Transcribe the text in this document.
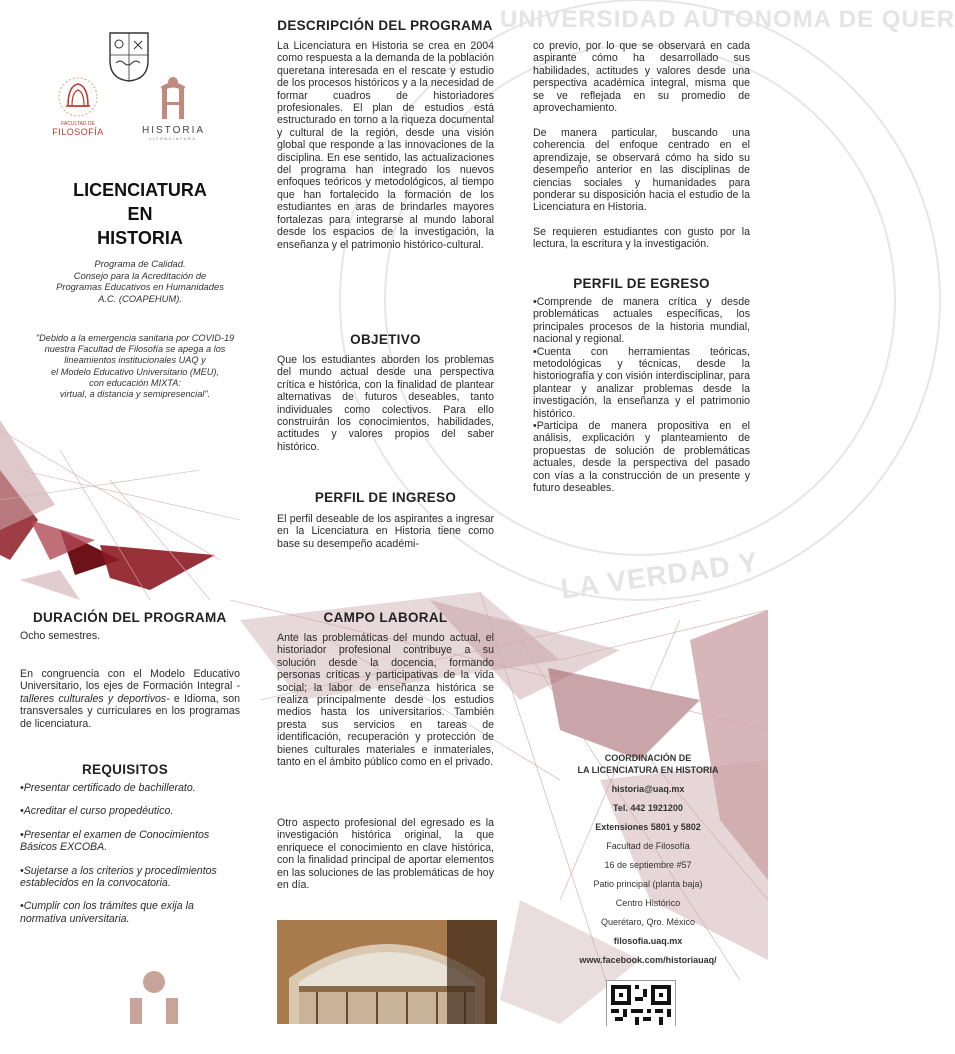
UNIVERSIDAD AUTONOMA DE QUER
LA VERDAD Y
FACULTAD DE
FILOSOFÍA	HISTORIA
LICENCIATURA
LICENCIATURA
EN
HISTORIA
Programa de Calidad.
Consejo para la Acreditación de
Programas Educativos en Humanidades
A.C. (COAPEHUM).
"Debido a la emergencia sanitaria por COVID-19
nuestra Facultad de Filosofía se apega a los
lineamientos institucionales UAQ y
el Modelo Educativo Universitario (MEU),
con educación MIXTA:
virtual, a distancia y semipresencial".
DESCRIPCIÓN DEL PROGRAMA
La Licenciatura en Historia se crea en 2004 como respuesta a la demanda de la población queretana interesada en el rescate y estudio de los procesos históricos y a la necesidad de formar cuadros de historiadores profesionales. El plan de estudios está estructurado en torno a la riqueza documental y cultural de la región, desde una visión global que responde a las innovaciones de la disciplina. En ese sentido, las actualizaciones del programa han integrado los nuevos enfoques teóricos y metodológicos, al tiempo que han fortalecido la formación de los estudiantes en aras de brindarles mayores fortalezas para integrarse al mundo laboral desde los espacios de la investigación, la enseñanza y el patrimonio histórico-cultural.
OBJETIVO
Que los estudiantes aborden los problemas del mundo actual desde una perspectiva crítica e histórica, con la finalidad de plantear alternativas de futuros deseables, tanto individuales como colectivos. Para ello construirán los conocimientos, habilidades, actitudes y valores propios del saber histórico.
PERFIL DE INGRESO
El perfil deseable de los aspirantes a ingresar en la Licenciatura en Historia tiene como base su desempeño académi-
co previo, por lo que se observará en cada aspirante cómo ha desarrollado sus habilidades, actitudes y valores desde una perspectiva académica integral, misma que se ve reflejada en su promedio de aprovechamiento.
De manera particular, buscando una coherencia del enfoque centrado en el aprendizaje, se observará cómo ha sido su desempeño anterior en las disciplinas de ciencias sociales y humanidades para ponderar su disposición hacia el estudio de la Licenciatura en Historia.
Se requieren estudiantes con gusto por la lectura, la escritura y la investigación.
PERFIL DE EGRESO

•Comprende de manera crítica y desde problemáticas actuales específicas, los principales procesos de la historia mundial, nacional y regional.

•Cuenta con herramientas teóricas, metodológicas y técnicas, desde la historiografía y con visión interdisciplinar, para plantear y analizar problemas desde la investigación, la enseñanza y el patrimonio histórico.

•Participa de manera propositiva en el análisis, explicación y planteamiento de propuestas de solución de problemáticas actuales, desde la perspectiva del pasado con vías a la construcción de un presente y futuro deseables.

DURACIÓN DEL PROGRAMA
Ocho semestres.
En congruencia con el Modelo Educativo Universitario, los ejes de Formación Integral -talleres culturales y deportivos- e Idioma, son transversales y curriculares en los programas de licenciatura.
REQUISITOS

•Presentar certificado de bachillerato.

•Acreditar el curso propedéutico.

•Presentar el examen de Conocimientos Básicos EXCOBA.

•Sujetarse a los criterios y procedimientos establecidos en la convocatoria.

•Cumplir con los trámites que exija la normativa universitaria.

CAMPO LABORAL
Ante las problemáticas del mundo actual, el historiador profesional contribuye a su solución desde la docencia, formando personas críticas y participativas de la vida social; la labor de enseñanza histórica se realiza principalmente desde los estudios medios hasta los universitarios. También presta sus servicios en tareas de identificación, recuperación y protección de bienes culturales materiales e inmateriales, tanto en el ámbito público como en el privado.
Otro aspecto profesional del egresado es la investigación histórica original, la que enriquece el conocimiento en clave histórica, con la finalidad principal de aportar elementos en las soluciones de las problemáticas de hoy en día.
COORDINACIÓN DE
LA LICENCIATURA EN HISTORIA
historia@uaq.mx
Tel. 442 1921200
Extensiones 5801 y 5802
Facultad de Filosofía
16 de septiembre #57
Patio principal (planta baja)
Centro Histórico
Querétaro, Qro. México
filosofia.uaq.mx
www.facebook.com/historiauaq/
